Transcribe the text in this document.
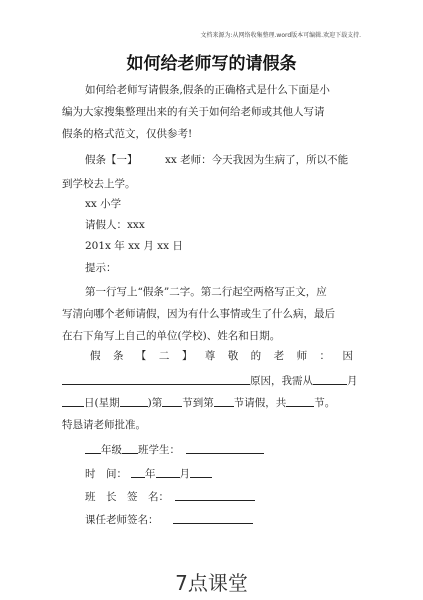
文档来源为:从网络收集整理.word版本可编辑.欢迎下载支持.
如何给老师写的请假条
如何给老师写请假条,假条的正确格式是什么下面是小
编为大家搜集整理出来的有关于如何给老师或其他人写请
假条的格式范文，仅供参考!
假条【一】	xx 老师：今天我因为生病了，所以不能
到学校去上学。
xx 小学
请假人：xxx
201x 年 xx 月 xx 日
提示：
第一行写上“假条”二字。第二行起空两格写正文，应
写清向哪个老师请假，因为有什么事情或生了什么病，最后
在右下角写上自己的单位(学校)、姓名和日期。
假 条 【 二 】 尊 敬 的 老 师 ： 因
原因，我需从	月
日(星期	)第 节到第 节请假，共	节。
特恳请老师批准。
年级 班学生：
时　间： 年 月
班　长　签　名：
课任老师签名：
7点课堂
